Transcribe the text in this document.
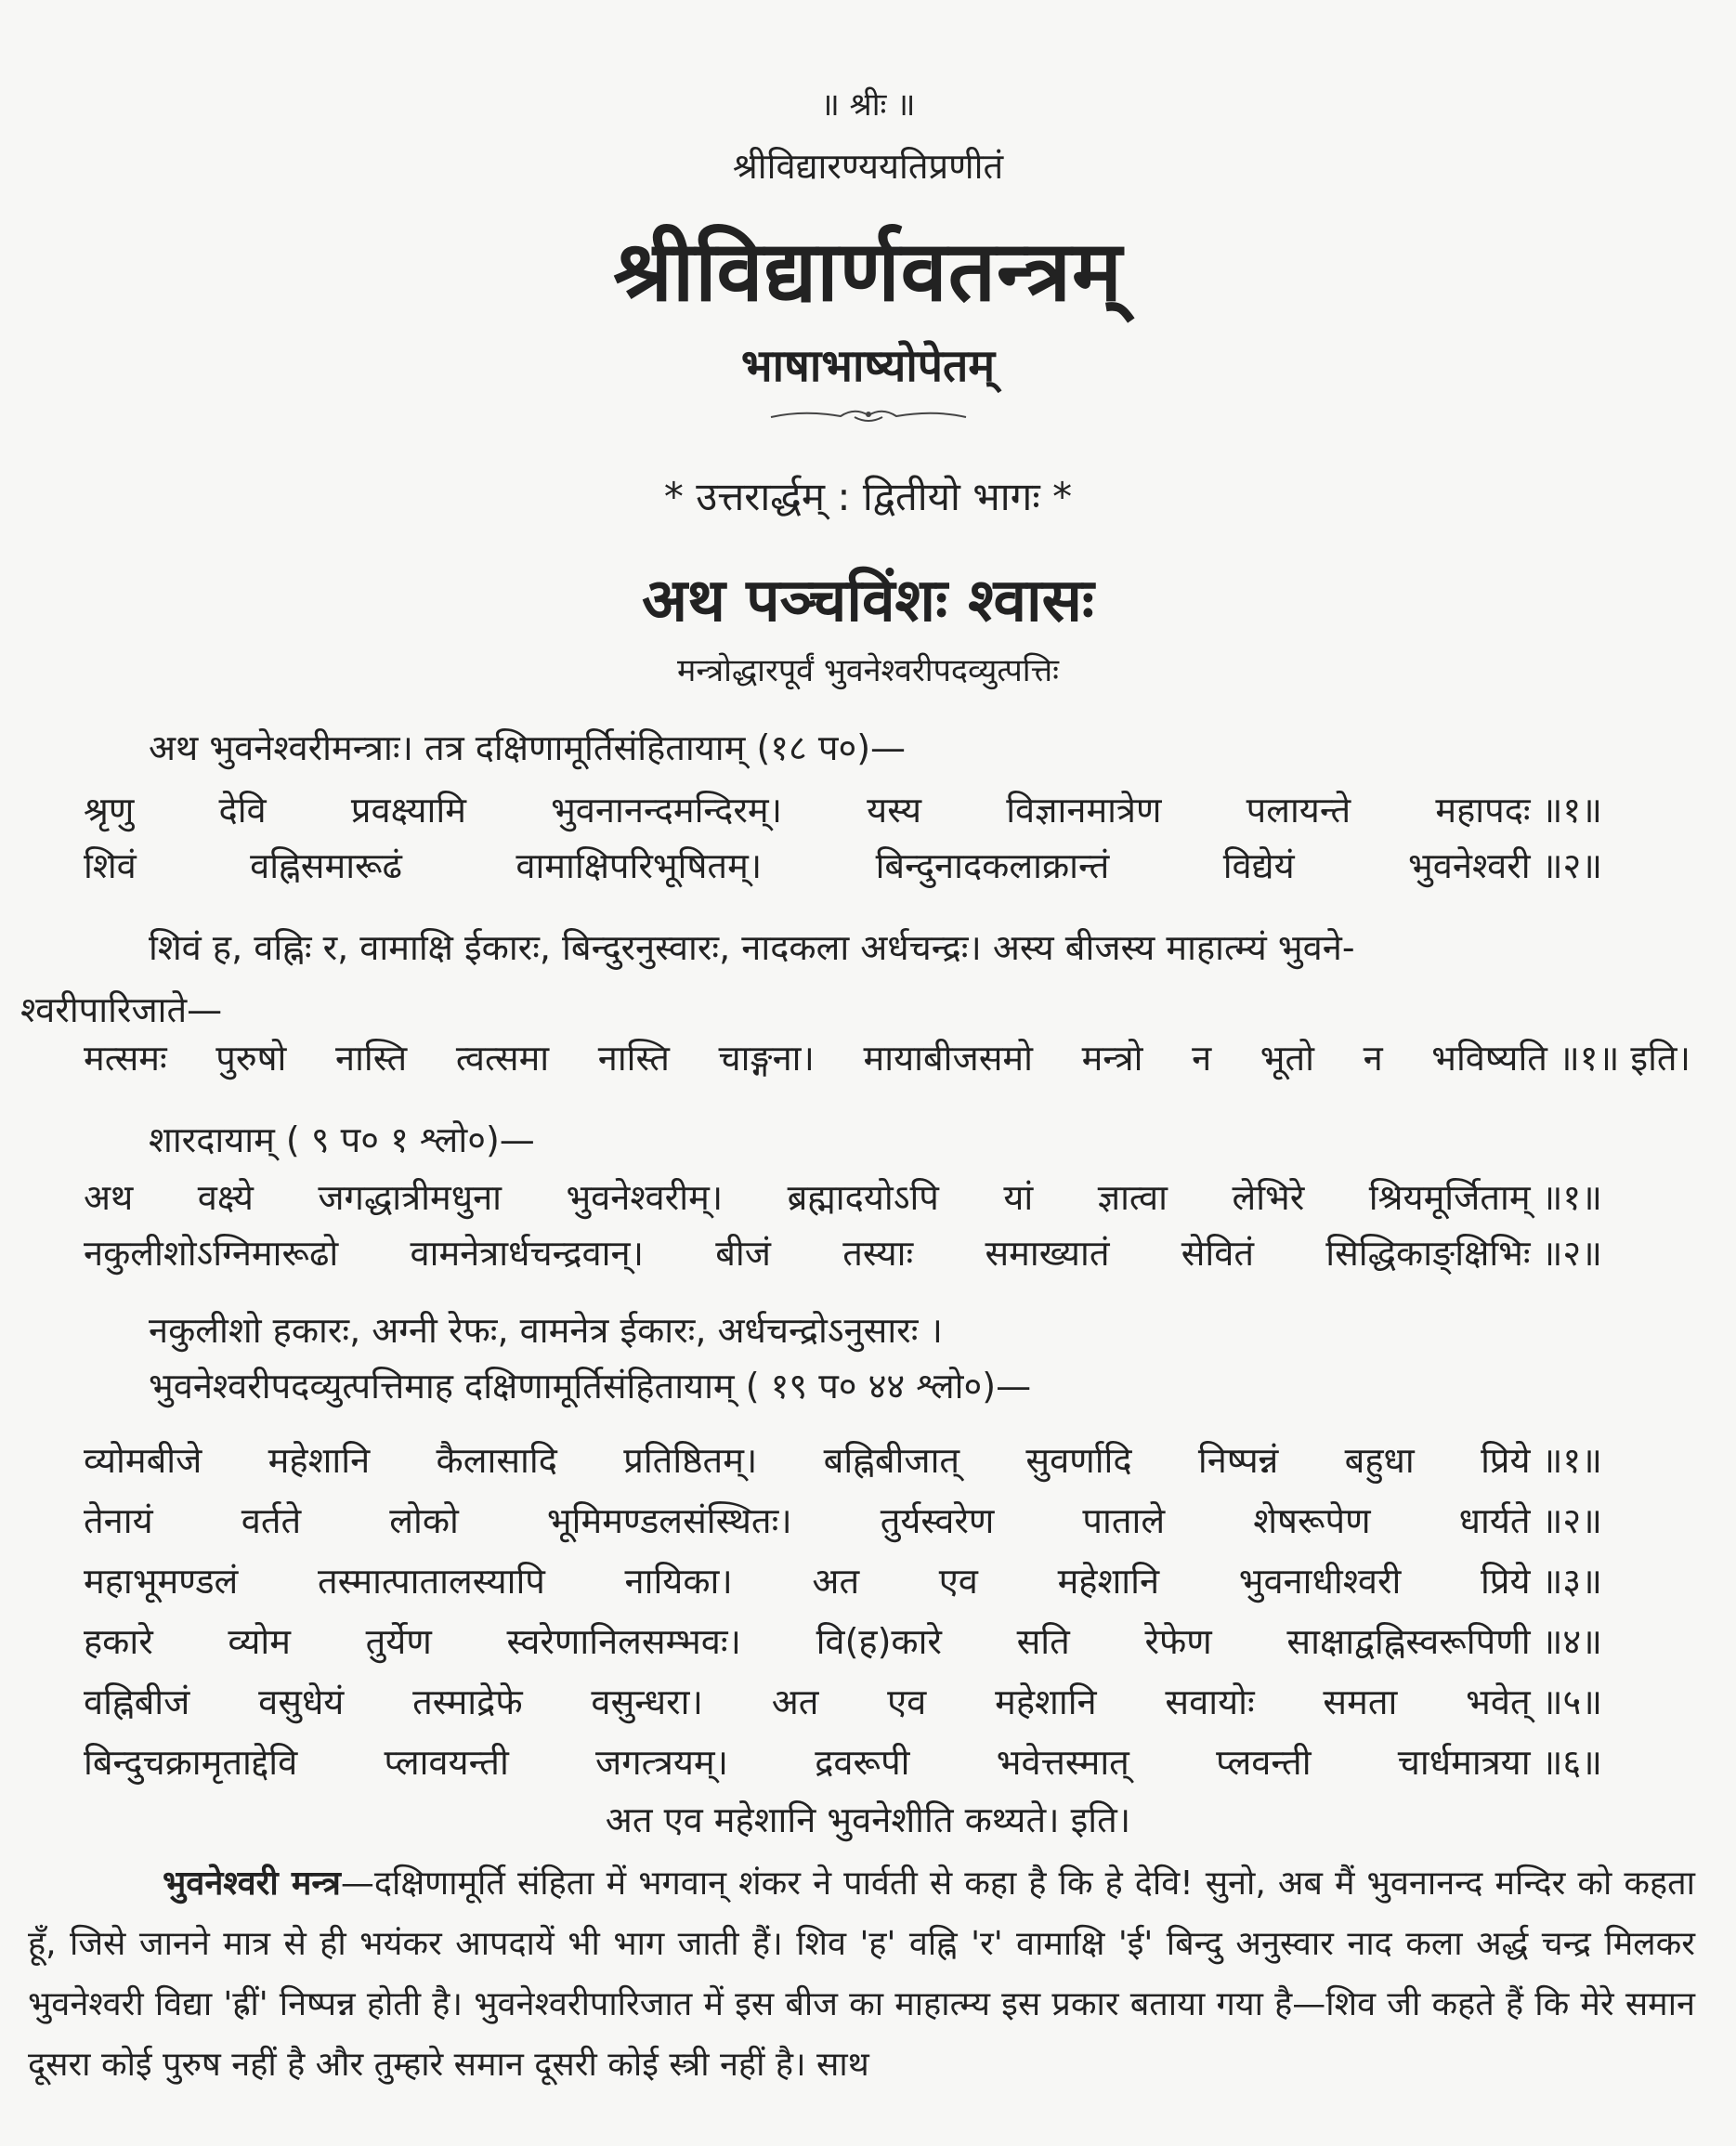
॥ श्रीः ॥
श्रीविद्यारण्ययतिप्रणीतं
श्रीविद्यार्णवतन्त्रम्
भाषाभाष्योपेतम्
* उत्तरार्द्धम् : द्वितीयो भागः *
अथ पञ्चविंशः श्वासः
मन्त्रोद्धारपूर्वं भुवनेश्वरीपदव्युत्पत्तिः
अथ भुवनेश्वरीमन्त्राः। तत्र दक्षिणामूर्तिसंहितायाम् (१८ प०)—
श्रृणु देवि प्रवक्ष्यामि भुवनानन्दमन्दिरम्। यस्य विज्ञानमात्रेण पलायन्ते महापदः ॥१॥
शिवं	वह्निसमारूढं	वामाक्षिपरिभूषितम्।	बिन्दुनादकलाक्रान्तं	विद्येयं	भुवनेश्वरी ॥२॥
शिवं ह, वह्निः र, वामाक्षि ईकारः, बिन्दुरनुस्वारः, नादकला अर्धचन्द्रः। अस्य बीजस्य माहात्म्यं भुवने-
श्वरीपारिजाते—
मत्समः पुरुषो नास्ति त्वत्समा नास्ति चाङ्गना। मायाबीजसमो मन्त्रो न भूतो न भविष्यति ॥१॥ इति।
शारदायाम् ( ९ प० १ श्लो०)—
अथ वक्ष्ये जगद्धात्रीमधुना भुवनेश्वरीम्। ब्रह्मादयोऽपि यां ज्ञात्वा लेभिरे श्रियमूर्जिताम् ॥१॥
नकुलीशोऽग्निमारूढो वामनेत्रार्धचन्द्रवान्। बीजं तस्याः समाख्यातं सेवितं सिद्धिकाङ्क्षिभिः ॥२॥
नकुलीशो हकारः, अग्नी रेफः, वामनेत्र ईकारः, अर्धचन्द्रोऽनुसारः ।
भुवनेश्वरीपदव्युत्पत्तिमाह दक्षिणामूर्तिसंहितायाम् ( १९ प० ४४ श्लो०)—
व्योमबीजे महेशानि कैलासादि प्रतिष्ठितम्। बह्निबीजात् सुवर्णादि निष्पन्नं बहुधा प्रिये ॥१॥
तेनायं	वर्तते	लोको	भूमिमण्डलसंस्थितः।	तुर्यस्वरेण	पाताले	शेषरूपेण	धार्यते ॥२॥
महाभूमण्डलं तस्मात्पातालस्यापि नायिका। अत एव महेशानि भुवनाधीश्वरी प्रिये ॥३॥
हकारे व्योम तुर्येण स्वरेणानिलसम्भवः। वि(ह)कारे सति रेफेण साक्षाद्वह्निस्वरूपिणी ॥४॥
वह्निबीजं वसुधेयं तस्माद्रेफे वसुन्धरा। अत एव महेशानि सवायोः समता भवेत् ॥५॥
बिन्दुचक्रामृताद्देवि प्लावयन्ती जगत्त्रयम्। द्रवरूपी भवेत्तस्मात् प्लवन्ती चार्धमात्रया ॥६॥
अत एव महेशानि भुवनेशीति कथ्यते। इति।
भुवनेश्वरी मन्त्र—दक्षिणामूर्ति संहिता में भगवान् शंकर ने पार्वती से कहा है कि हे देवि! सुनो, अब मैं भुवनानन्द मन्दिर को कहता हूँ, जिसे जानने मात्र से ही भयंकर आपदायें भी भाग जाती हैं। शिव 'ह' वह्नि 'र' वामाक्षि 'ई' बिन्दु अनुस्वार नाद कला अर्द्ध चन्द्र मिलकर भुवनेश्वरी विद्या 'ह्रीं' निष्पन्न होती है। भुवनेश्वरीपारिजात में इस बीज का माहात्म्य इस प्रकार बताया गया है—शिव जी कहते हैं कि मेरे समान दूसरा कोई पुरुष नहीं है और तुम्हारे समान दूसरी कोई स्त्री नहीं है। साथ
